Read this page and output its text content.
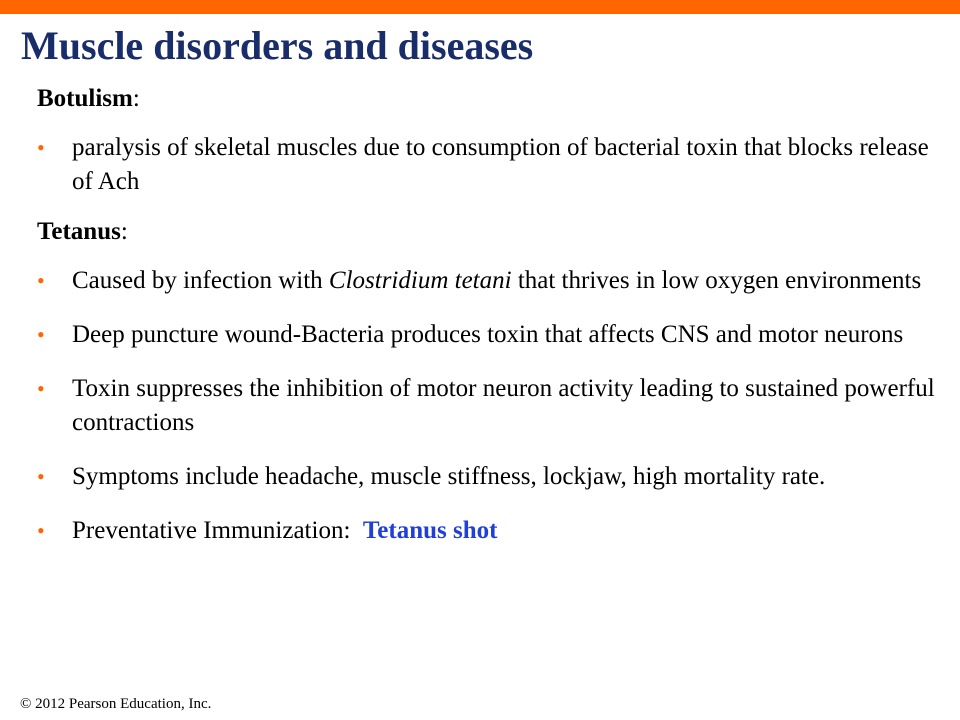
Muscle disorders and diseases

Botulism:

• paralysis of skeletal muscles due to consumption of bacterial toxin that blocks release of Ach

Tetanus:

• Caused by infection with Clostridium tetani that thrives in low oxygen environments
• Deep puncture wound-Bacteria produces toxin that affects CNS and motor neurons
• Toxin suppresses the inhibition of motor neuron activity leading to sustained powerful contractions
• Symptoms include headache, muscle stiffness, lockjaw, high mortality rate.
• Preventative Immunization:  Tetanus shot
© 2012 Pearson Education, Inc.
